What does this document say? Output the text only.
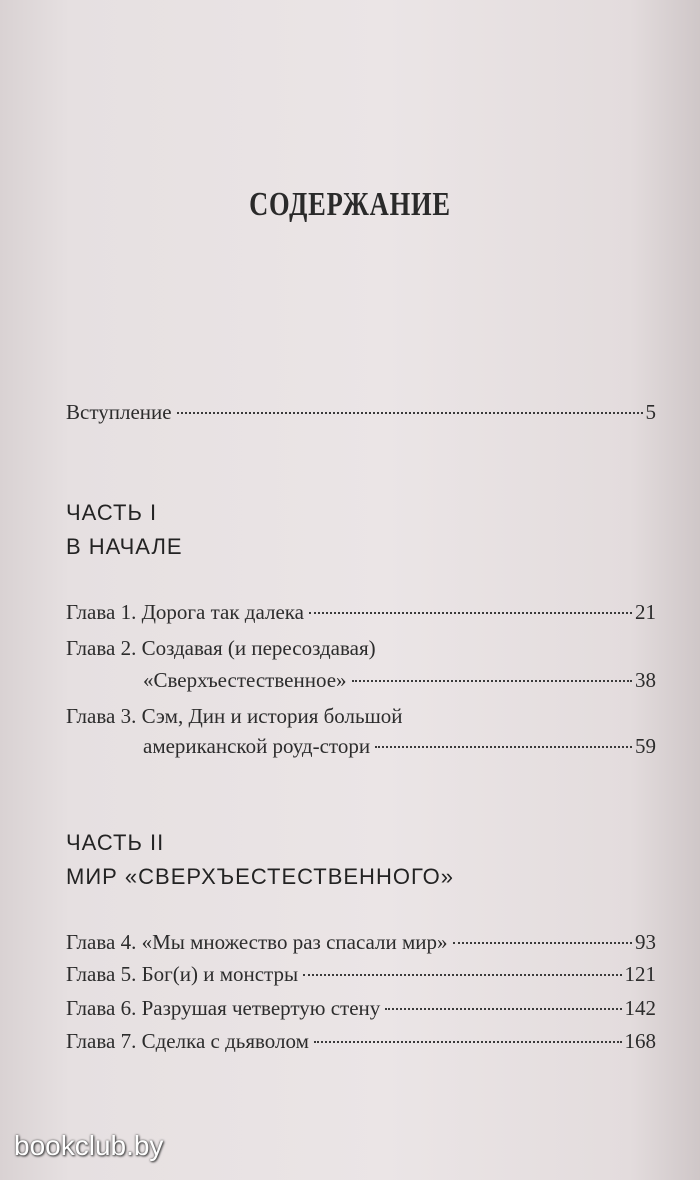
СОДЕРЖАНИЕ
Вступление	5
ЧАСТЬ I
В НАЧАЛЕ
Глава 1. Дорога так далека	21
Глава 2. Создавая (и пересоздавая)
«Сверхъестественное»	38
Глава 3. Сэм, Дин и история большой
американской роуд-стори	59
ЧАСТЬ II
МИР «СВЕРХЪЕСТЕСТВЕННОГО»
Глава 4. «Мы множество раз спасали мир»	93
Глава 5. Бог(и) и монстры	121
Глава 6. Разрушая четвертую стену	142
Глава 7. Сделка с дьяволом	168
bookclub.by
